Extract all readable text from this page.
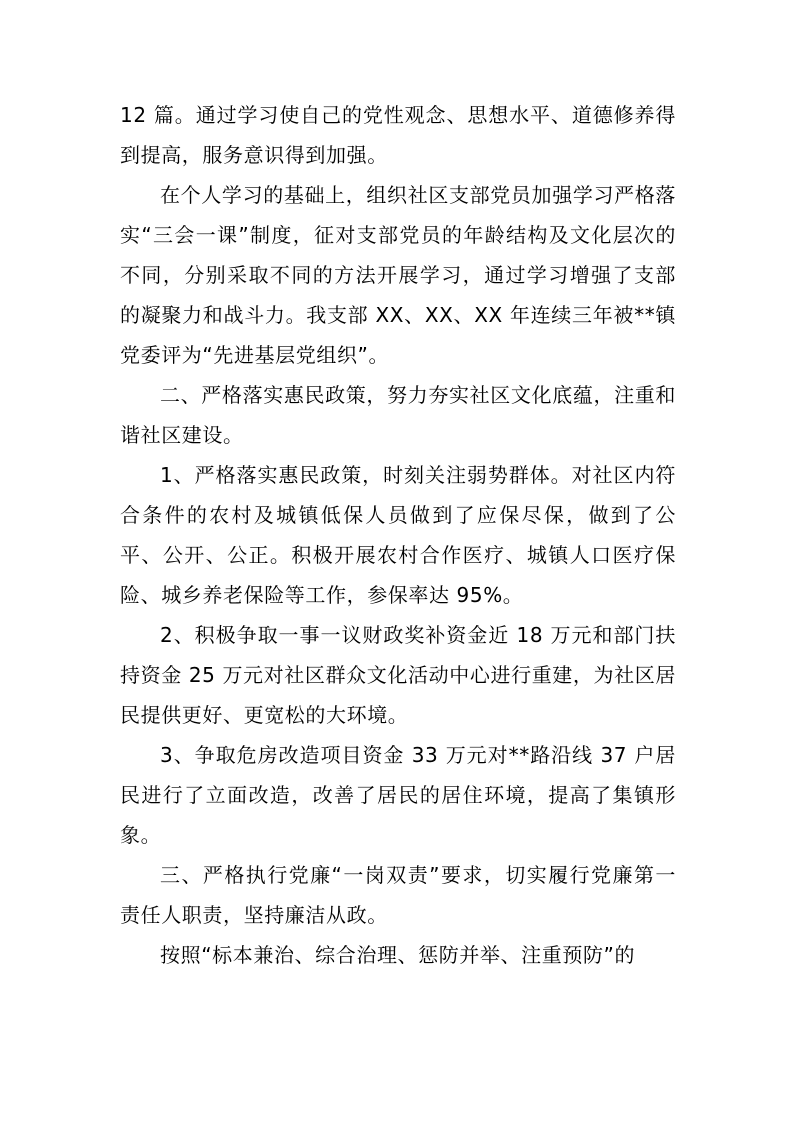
12 篇。通过学习使自己的党性观念、思想水平、道德修养得到提高，服务意识得到加强。

在个人学习的基础上，组织社区支部党员加强学习严格落实“三会一课”制度，征对支部党员的年龄结构及文化层次的不同，分别采取不同的方法开展学习，通过学习增强了支部的凝聚力和战斗力。我支部 XX、XX、XX 年连续三年被**镇党委评为“先进基层党组织”。

二、严格落实惠民政策，努力夯实社区文化底蕴，注重和谐社区建设。

1、严格落实惠民政策，时刻关注弱势群体。对社区内符合条件的农村及城镇低保人员做到了应保尽保，做到了公平、公开、公正。积极开展农村合作医疗、城镇人口医疗保险、城乡养老保险等工作，参保率达 95%。

2、积极争取一事一议财政奖补资金近 18 万元和部门扶持资金 25 万元对社区群众文化活动中心进行重建，为社区居民提供更好、更宽松的大环境。

3、争取危房改造项目资金 33 万元对**路沿线 37 户居民进行了立面改造，改善了居民的居住环境，提高了集镇形象。

三、严格执行党廉“一岗双责”要求，切实履行党廉第一责任人职责，坚持廉洁从政。

按照“标本兼治、综合治理、惩防并举、注重预防”的
